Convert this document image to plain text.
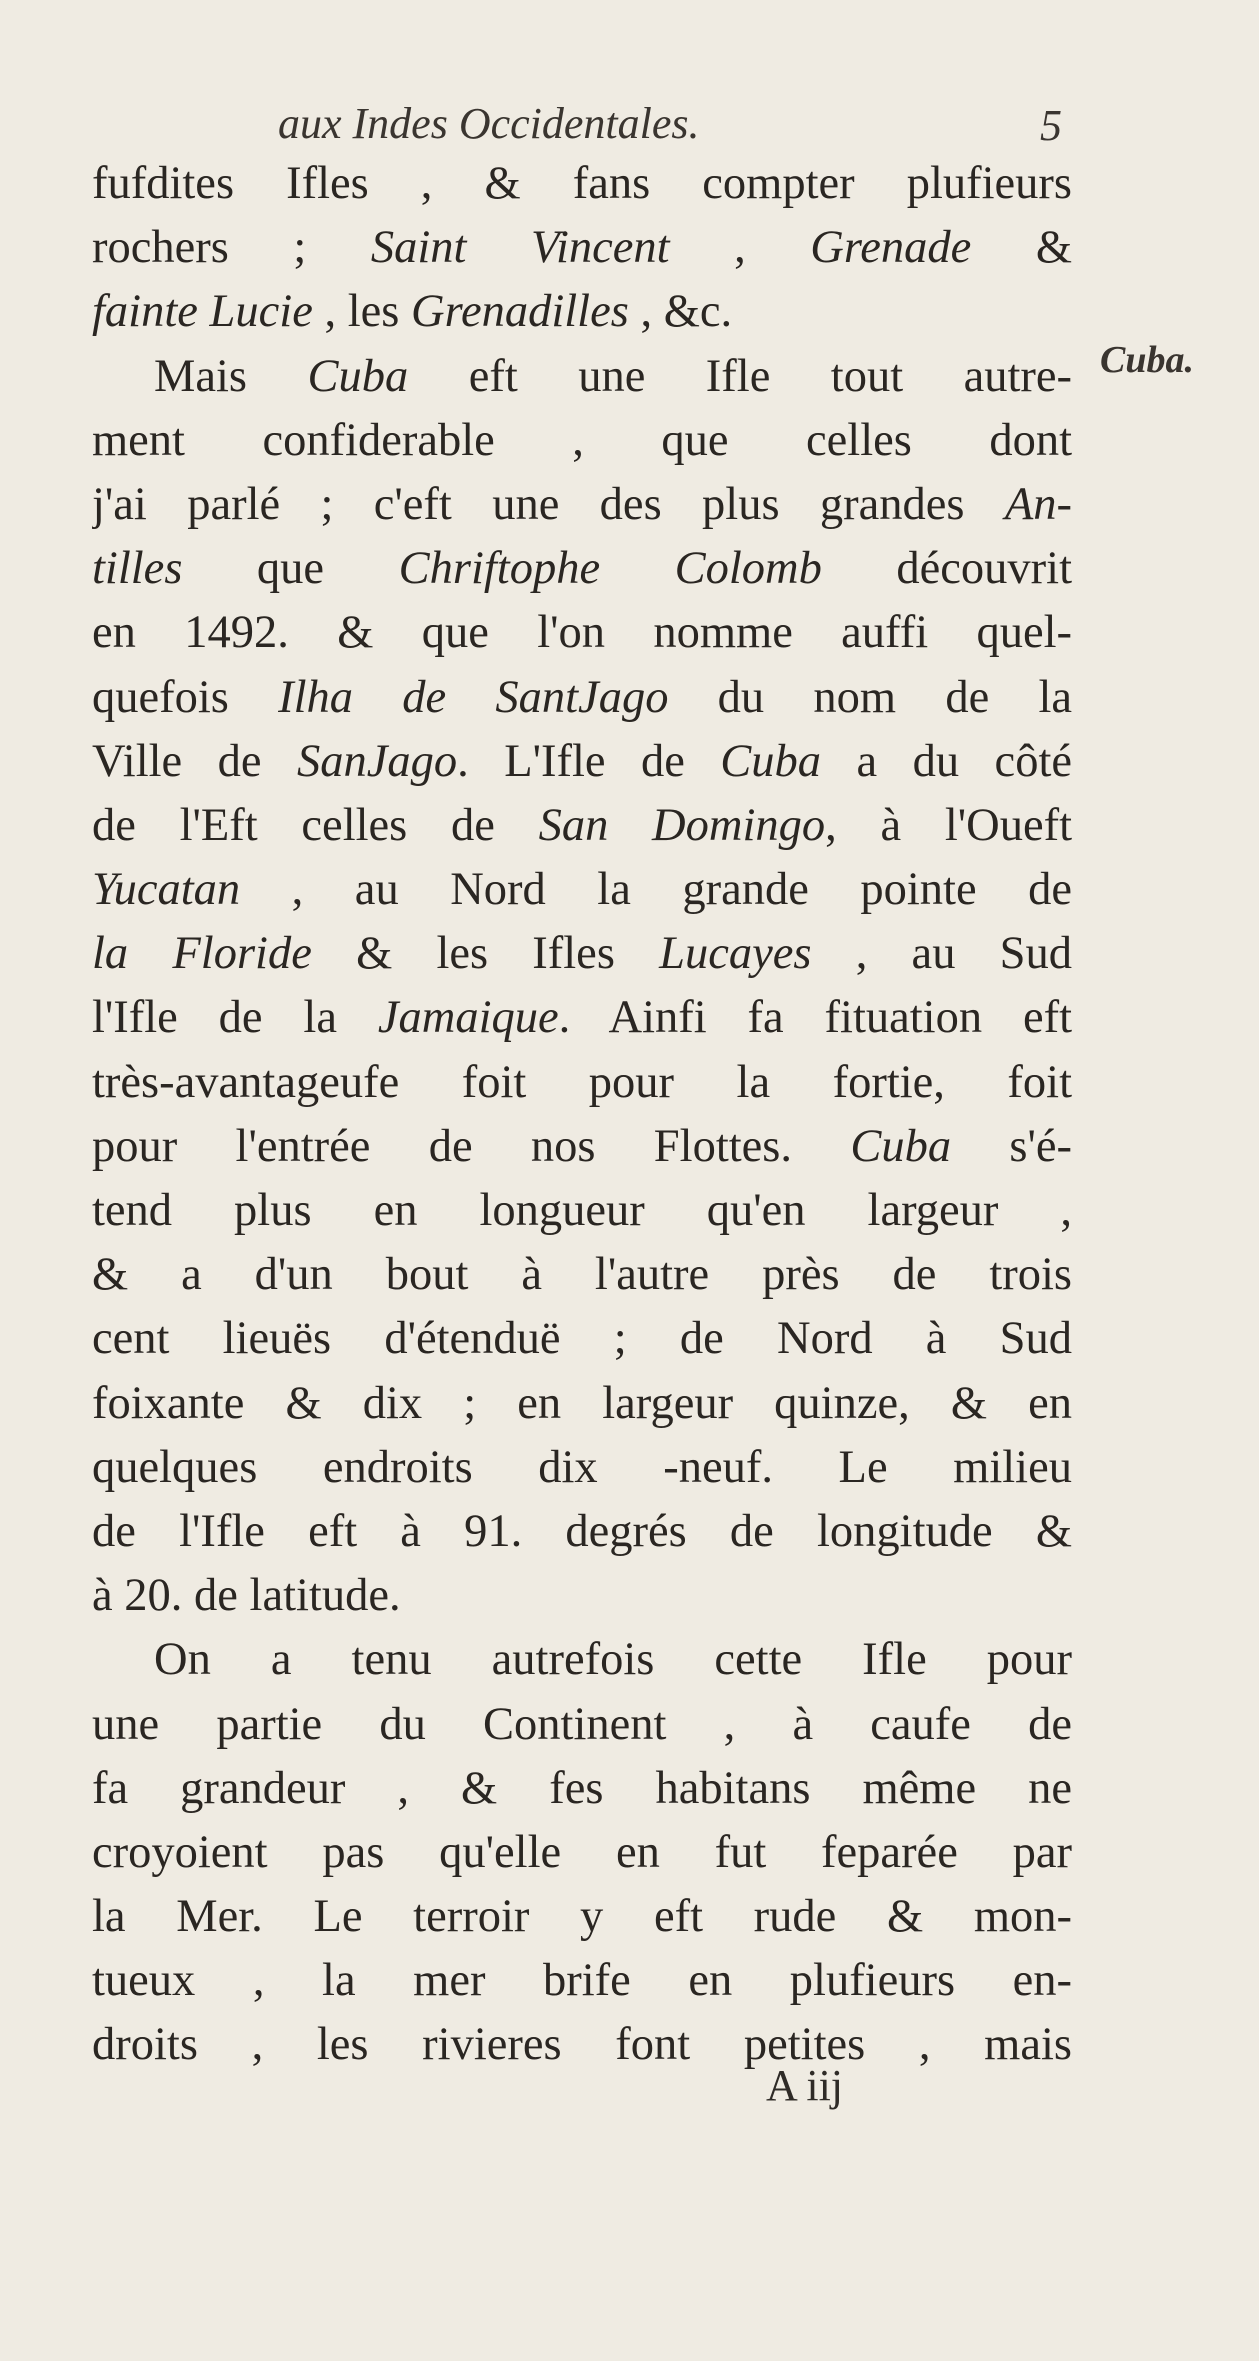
aux Indes Occidentales.	5
Cuba.
fufdites Ifles , & fans compter plufieurs
rochers ; Saint Vincent , Grenade &
fainte Lucie , les Grenadilles , &c.
Mais Cuba eft une Ifle tout autre-
ment confiderable , que celles dont
j'ai parlé ; c'eft une des plus grandes An-
tilles que Chriftophe Colomb découvrit
en 1492. & que l'on nomme auffi quel-
quefois Ilha de SantJago du nom de la
Ville de SanJago. L'Ifle de Cuba a du côté
de l'Eft celles de San Domingo, à l'Oueft
Yucatan , au Nord la grande pointe de
la Floride & les Ifles Lucayes , au Sud
l'Ifle de la Jamaique. Ainfi fa fituation eft
très-avantageufe foit pour la fortie, foit
pour l'entrée de nos Flottes. Cuba s'é-
tend plus en longueur qu'en largeur ,
& a d'un bout à l'autre près de trois
cent lieuës d'étenduë ; de Nord à Sud
foixante & dix ; en largeur quinze, & en
quelques endroits dix -neuf. Le milieu
de l'Ifle eft à 91. degrés de longitude &
à 20. de latitude.
On a tenu autrefois cette Ifle pour
une partie du Continent , à caufe de
fa grandeur , & fes habitans même ne
croyoient pas qu'elle en fut feparée par
la Mer. Le terroir y eft rude & mon-
tueux , la mer brife en plufieurs en-
droits , les rivieres font petites , mais
A iij
